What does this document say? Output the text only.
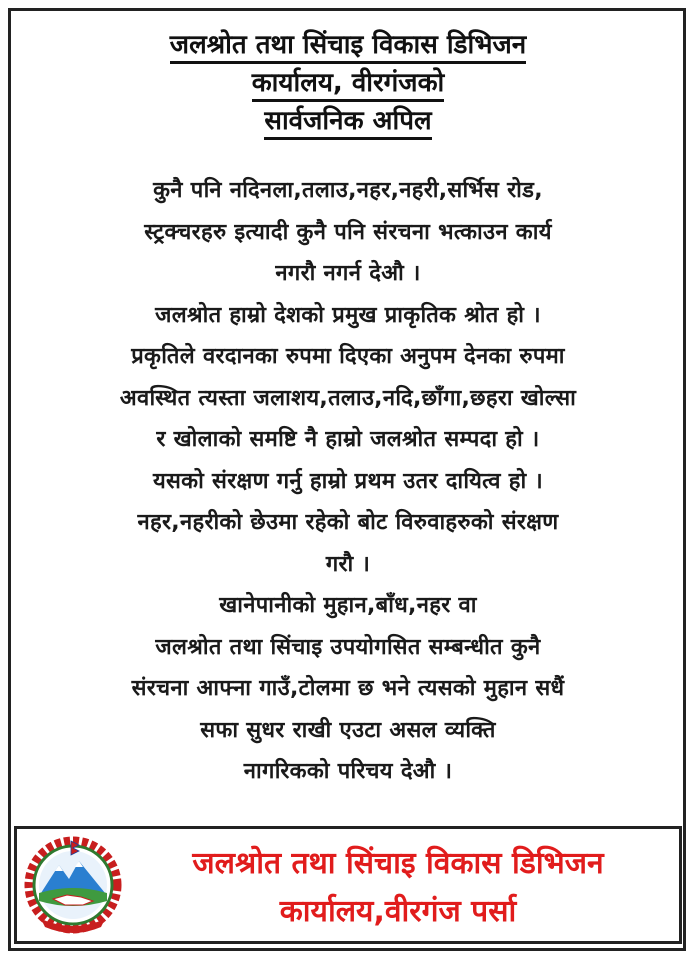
जलश्रोत तथा सिंचाइ विकास डिभिजन
कार्यालय, वीरगंजको
सार्वजनिक अपिल
कुनै पनि नदिनला,तलाउ,नहर,नहरी,सर्भिस रोड,
स्ट्रक्चरहरु इत्यादी कुनै पनि संरचना भत्काउन कार्य
नगरौ नगर्न देऔ ।
जलश्रोत हाम्रो देशको प्रमुख प्राकृतिक श्रोत हो ।
प्रकृतिले वरदानका रुपमा दिएका अनुपम देनका रुपमा
अवस्थित त्यस्ता जलाशय,तलाउ,नदि,छाँगा,छहरा खोल्सा
र खोलाको समष्टि नै हाम्रो जलश्रोत सम्पदा हो ।
यसको संरक्षण गर्नु हाम्रो प्रथम उतर दायित्व हो ।
नहर,नहरीको छेउमा रहेको बोट विरुवाहरुको संरक्षण
गरौ ।
खानेपानीको मुहान,बाँध,नहर वा
जलश्रोत तथा सिंचाइ उपयोगसित सम्बन्धीत कुनै
संरचना आफ्ना गाउँ,टोलमा छ भने त्यसको मुहान सधैं
सफा सुधर राखी एउटा असल व्यक्ति
नागरिकको परिचय देऔ ।
जलश्रोत तथा सिंचाइ विकास डिभिजन
कार्यालय,वीरगंज पर्सा
